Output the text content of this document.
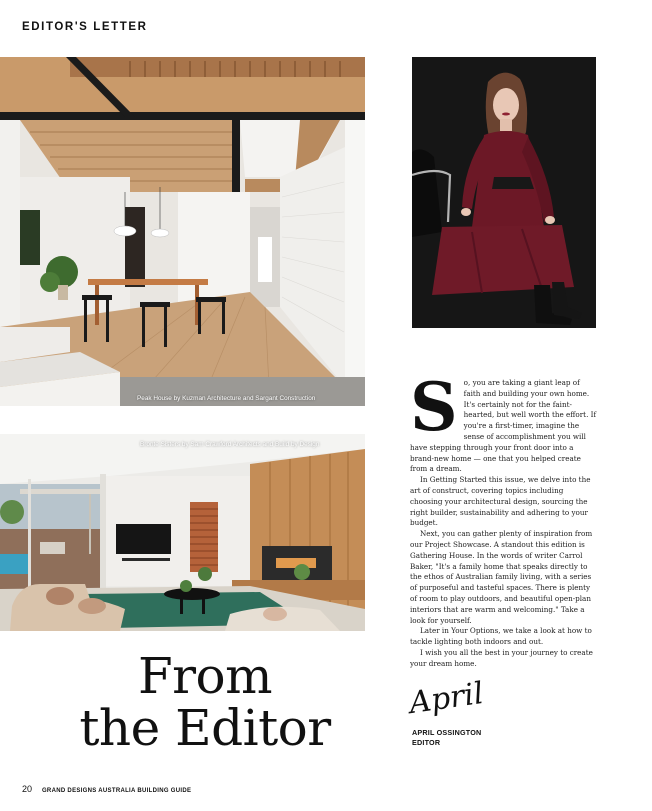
EDITOR'S LETTER
Peak House by Kuzman Architecture and Sargant Construction
Bronte Sisters by Sam Crawford Architects and Build by Design
From
the Editor
S o, you are taking a giant leap of faith and building your own home. It's certainly not for the faint-hearted, but well worth the effort. If you're a first-timer, imagine the sense of accomplishment you will have stepping through your front door into a brand-new home — one that you helped create from a dream.

In Getting Started this issue, we delve into the art of construct, covering topics including choosing your architectural design, sourcing the right builder, sustainability and adhering to your budget.

Next, you can gather plenty of inspiration from our Project Showcase. A standout this edition is Gathering House. In the words of writer Carrol Baker, "It's a family home that speaks directly to the ethos of Australian family living, with a series of purposeful and tasteful spaces. There is plenty of room to play outdoors, and beautiful open-plan interiors that are warm and welcoming." Take a look for yourself.

Later in Your Options, we take a look at how to tackle lighting both indoors and out.

I wish you all the best in your journey to create your dream home.

April
APRIL OSSINGTON
EDITOR
20 GRAND DESIGNS AUSTRALIA BUILDING GUIDE
